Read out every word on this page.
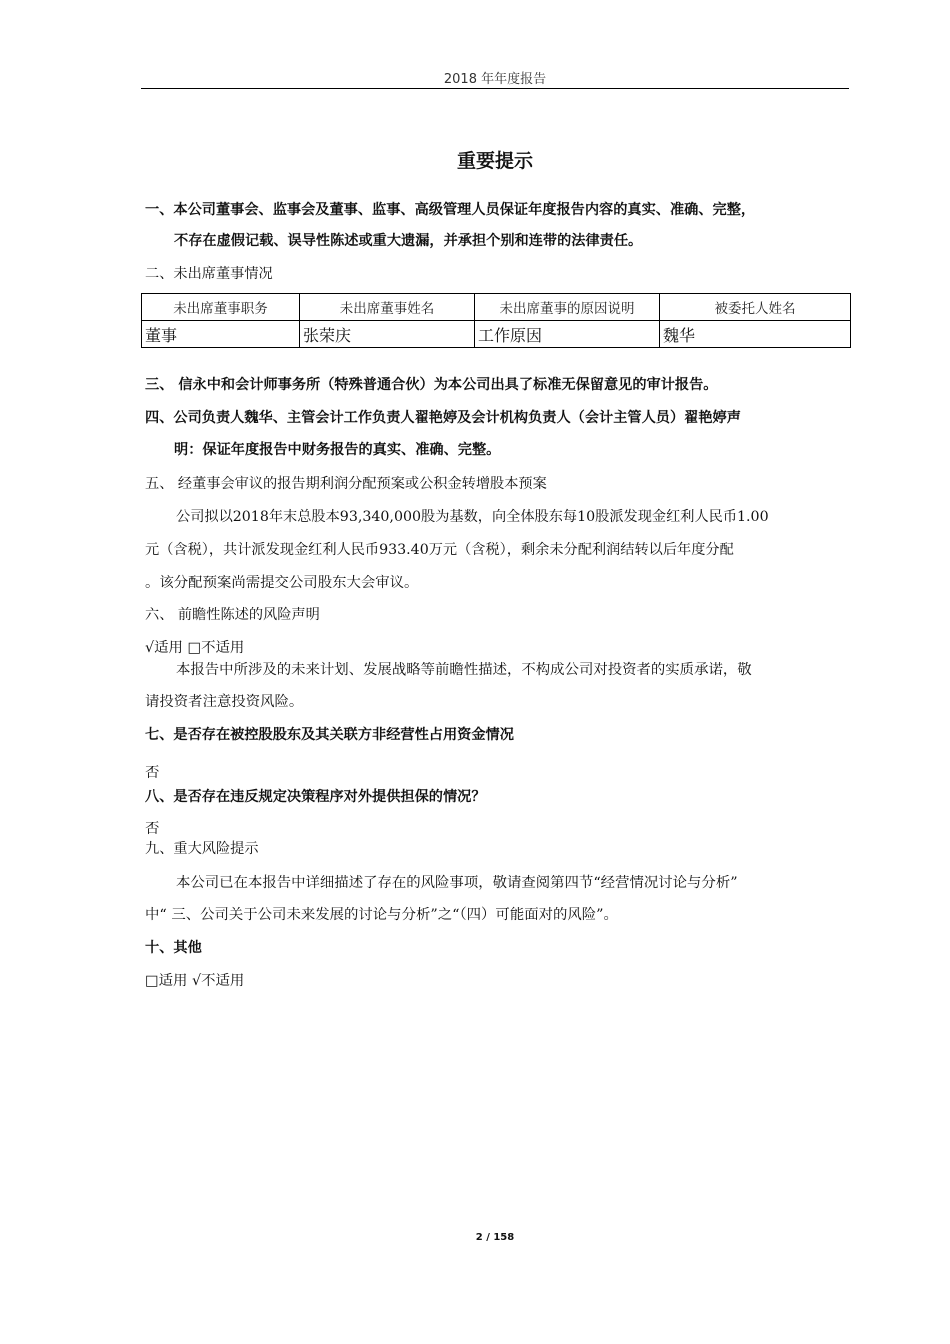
2018 年年度报告
重要提示
一、本公司董事会、监事会及董事、监事、高级管理人员保证年度报告内容的真实、准确、完整，
不存在虚假记载、误导性陈述或重大遗漏，并承担个别和连带的法律责任。
二、未出席董事情况
未出席董事职务	未出席董事姓名	未出席董事的原因说明	被委托人姓名
董事	张荣庆	工作原因	魏华
三、 信永中和会计师事务所（特殊普通合伙）为本公司出具了标准无保留意见的审计报告。
四、公司负责人魏华、主管会计工作负责人翟艳婷及会计机构负责人（会计主管人员）翟艳婷声
明：保证年度报告中财务报告的真实、准确、完整。
五、 经董事会审议的报告期利润分配预案或公积金转增股本预案
公司拟以2018年末总股本93,340,000股为基数，向全体股东每10股派发现金红利人民币1.00
元（含税），共计派发现金红利人民币933.40万元（含税），剩余未分配利润结转以后年度分配
。该分配预案尚需提交公司股东大会审议。
六、 前瞻性陈述的风险声明
√适用 □不适用
本报告中所涉及的未来计划、发展战略等前瞻性描述，不构成公司对投资者的实质承诺，敬
请投资者注意投资风险。
七、是否存在被控股股东及其关联方非经营性占用资金情况
否
八、是否存在违反规定决策程序对外提供担保的情况？
否
九、重大风险提示
本公司已在本报告中详细描述了存在的风险事项，敬请查阅第四节“经营情况讨论与分析”
中“ 三、公司关于公司未来发展的讨论与分析”之“（四）可能面对的风险”。
十、其他
□适用 √不适用
2 / 158
